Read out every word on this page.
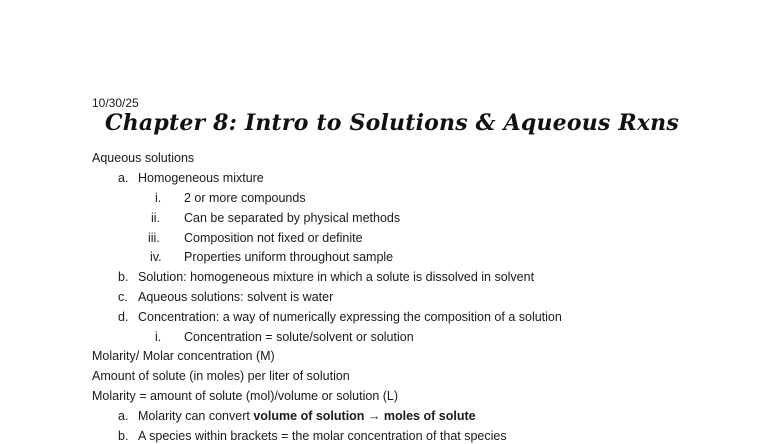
10/30/25
Chapter 8: Intro to Solutions & Aqueous Rxns
Aqueous solutions
a. Homogeneous mixture
i. 2 or more compounds
ii. Can be separated by physical methods
iii. Composition not fixed or definite
iv. Properties uniform throughout sample
b. Solution: homogeneous mixture in which a solute is dissolved in solvent
c. Aqueous solutions: solvent is water
d. Concentration: a way of numerically expressing the composition of a solution
i. Concentration = solute/solvent or solution
Molarity/ Molar concentration (M)
Amount of solute (in moles) per liter of solution
Molarity = amount of solute (mol)/volume or solution (L)
a. Molarity can convert volume of solution → moles of solute
b. A species within brackets = the molar concentration of that species
